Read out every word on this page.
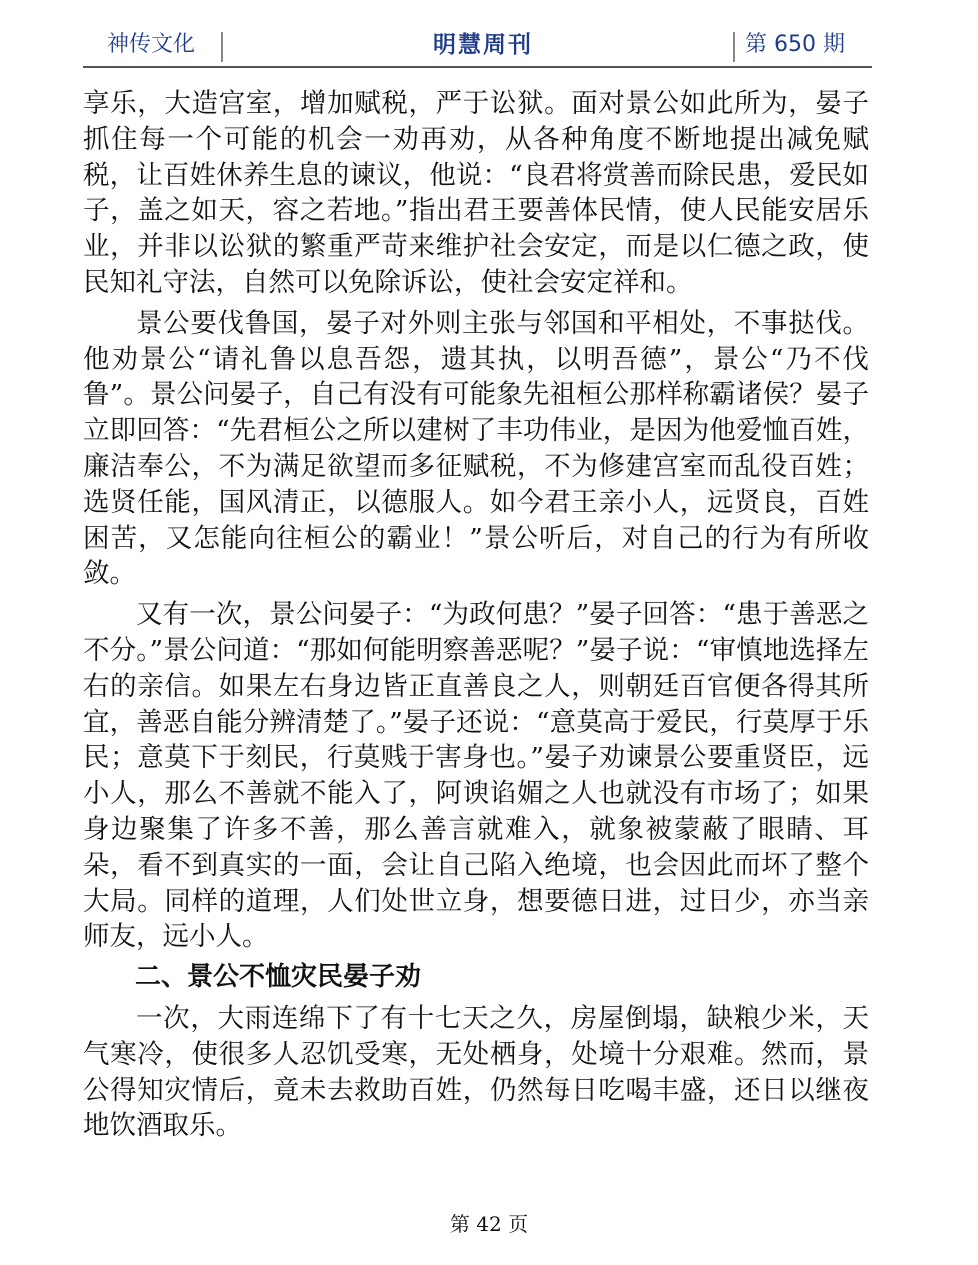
神传文化	明慧周刊	第 650 期

享乐，大造宫室，增加赋税，严于讼狱。面对景公如此所为，晏子抓住每一个可能的机会一劝再劝，从各种角度不断地提出减免赋税，让百姓休养生息的谏议，他说：“良君将赏善而除民患，爱民如子，盖之如天，容之若地。”指出君王要善体民情，使人民能安居乐业，并非以讼狱的繁重严苛来维护社会安定，而是以仁德之政，使民知礼守法，自然可以免除诉讼，使社会安定祥和。

景公要伐鲁国，晏子对外则主张与邻国和平相处，不事挞伐。他劝景公“请礼鲁以息吾怨，遗其执，以明吾德”，景公“乃不伐鲁”。景公问晏子，自己有没有可能象先祖桓公那样称霸诸侯？晏子立即回答：“先君桓公之所以建树了丰功伟业，是因为他爱恤百姓，廉洁奉公，不为满足欲望而多征赋税，不为修建宫室而乱役百姓；选贤任能，国风清正，以德服人。如今君王亲小人，远贤良，百姓困苦，又怎能向往桓公的霸业！”景公听后，对自己的行为有所收敛。

又有一次，景公问晏子：“为政何患？”晏子回答：“患于善恶之不分。”景公问道：“那如何能明察善恶呢？”晏子说：“审慎地选择左右的亲信。如果左右身边皆正直善良之人，则朝廷百官便各得其所宜，善恶自能分辨清楚了。”晏子还说：“意莫高于爱民，行莫厚于乐民；意莫下于刻民，行莫贱于害身也。”晏子劝谏景公要重贤臣，远小人，那么不善就不能入了，阿谀谄媚之人也就没有市场了；如果身边聚集了许多不善，那么善言就难入，就象被蒙蔽了眼睛、耳朵，看不到真实的一面，会让自己陷入绝境，也会因此而坏了整个大局。同样的道理，人们处世立身，想要德日进，过日少，亦当亲师友，远小人。

二、景公不恤灾民晏子劝

一次，大雨连绵下了有十七天之久，房屋倒塌，缺粮少米，天气寒冷，使很多人忍饥受寒，无处栖身，处境十分艰难。然而，景公得知灾情后，竟未去救助百姓，仍然每日吃喝丰盛，还日以继夜地饮酒取乐。

第 42 页
